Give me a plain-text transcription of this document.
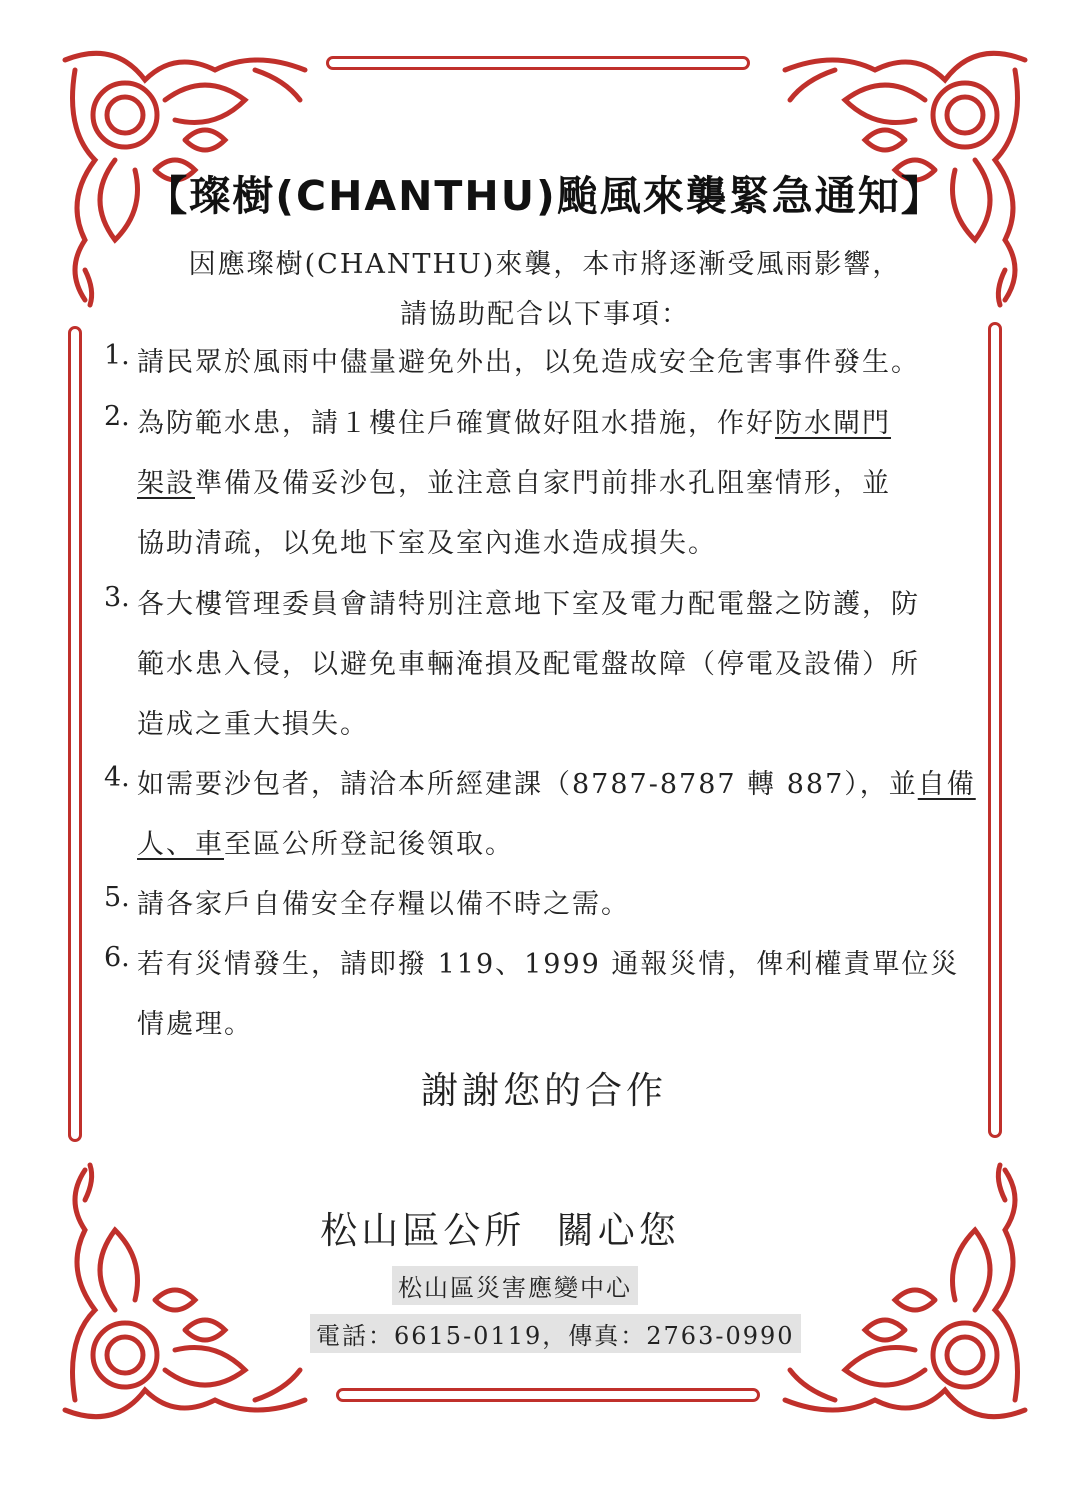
【璨樹(CHANTHU)颱風來襲緊急通知】
因應璨樹(CHANTHU)來襲，本市將逐漸受風雨影響，
請協助配合以下事項：
1. 請民眾於風雨中儘量避免外出，以免造成安全危害事件發生。
2. 為防範水患，請１樓住戶確實做好阻水措施，作好防水閘門
架設準備及備妥沙包，並注意自家門前排水孔阻塞情形，並
協助清疏，以免地下室及室內進水造成損失。
3. 各大樓管理委員會請特別注意地下室及電力配電盤之防護，防
範水患入侵，以避免車輛淹損及配電盤故障（停電及設備）所
造成之重大損失。
4. 如需要沙包者，請洽本所經建課（8787-8787 轉 887），並自備
人、車至區公所登記後領取。
5. 請各家戶自備安全存糧以備不時之需。
6. 若有災情發生，請即撥 119、1999 通報災情，俾利權責單位災
情處理。
謝謝您的合作
松山區公所  關心您
松山區災害應變中心
電話：6615-0119，傳真：2763-0990
